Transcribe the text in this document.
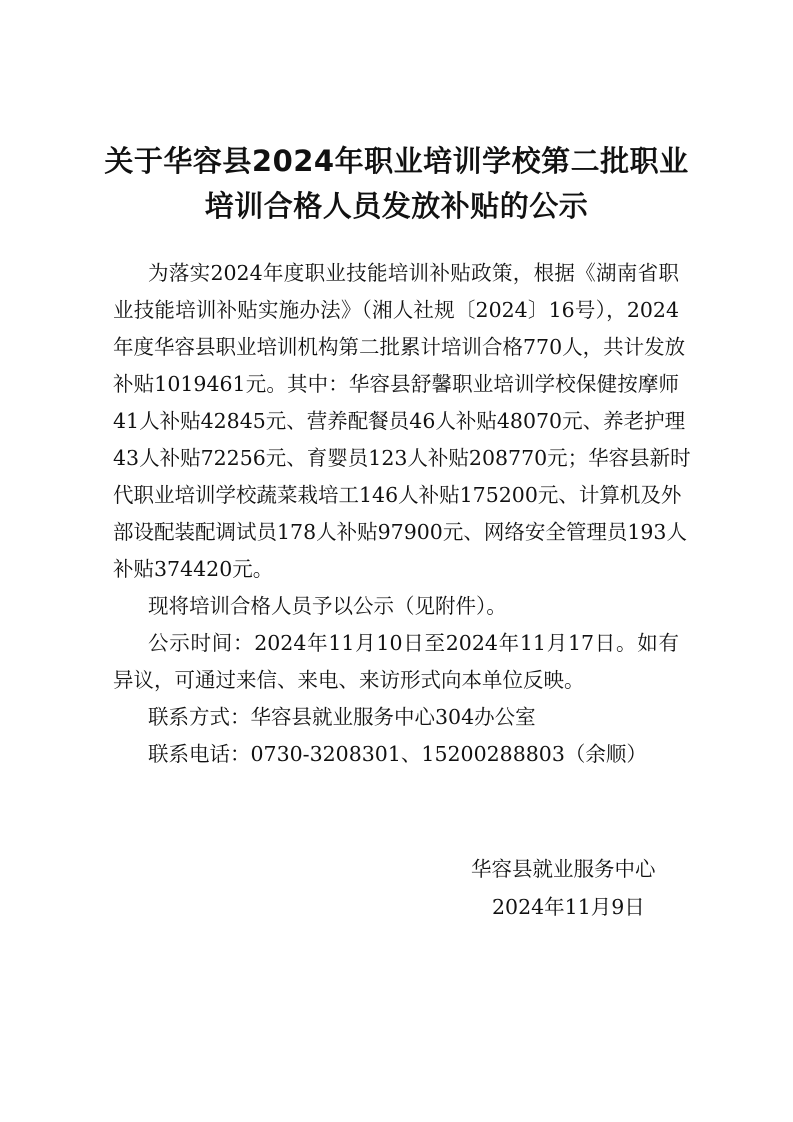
关于华容县2024年职业培训学校第二批职业
培训合格人员发放补贴的公示
为落实2024年度职业技能培训补贴政策，根据《湖南省职
业技能培训补贴实施办法》（湘人社规〔2024〕16号），2024
年度华容县职业培训机构第二批累计培训合格770人，共计发放
补贴1019461元。其中：华容县舒馨职业培训学校保健按摩师
41人补贴42845元、营养配餐员46人补贴48070元、养老护理
43人补贴72256元、育婴员123人补贴208770元；华容县新时
代职业培训学校蔬菜栽培工146人补贴175200元、计算机及外
部设配装配调试员178人补贴97900元、网络安全管理员193人
补贴374420元。
现将培训合格人员予以公示（见附件）。
公示时间：2024年11月10日至2024年11月17日。如有
异议，可通过来信、来电、来访形式向本单位反映。
联系方式：华容县就业服务中心304办公室
联系电话：0730-3208301、15200288803（余顺）
华容县就业服务中心
2024年11月9日
